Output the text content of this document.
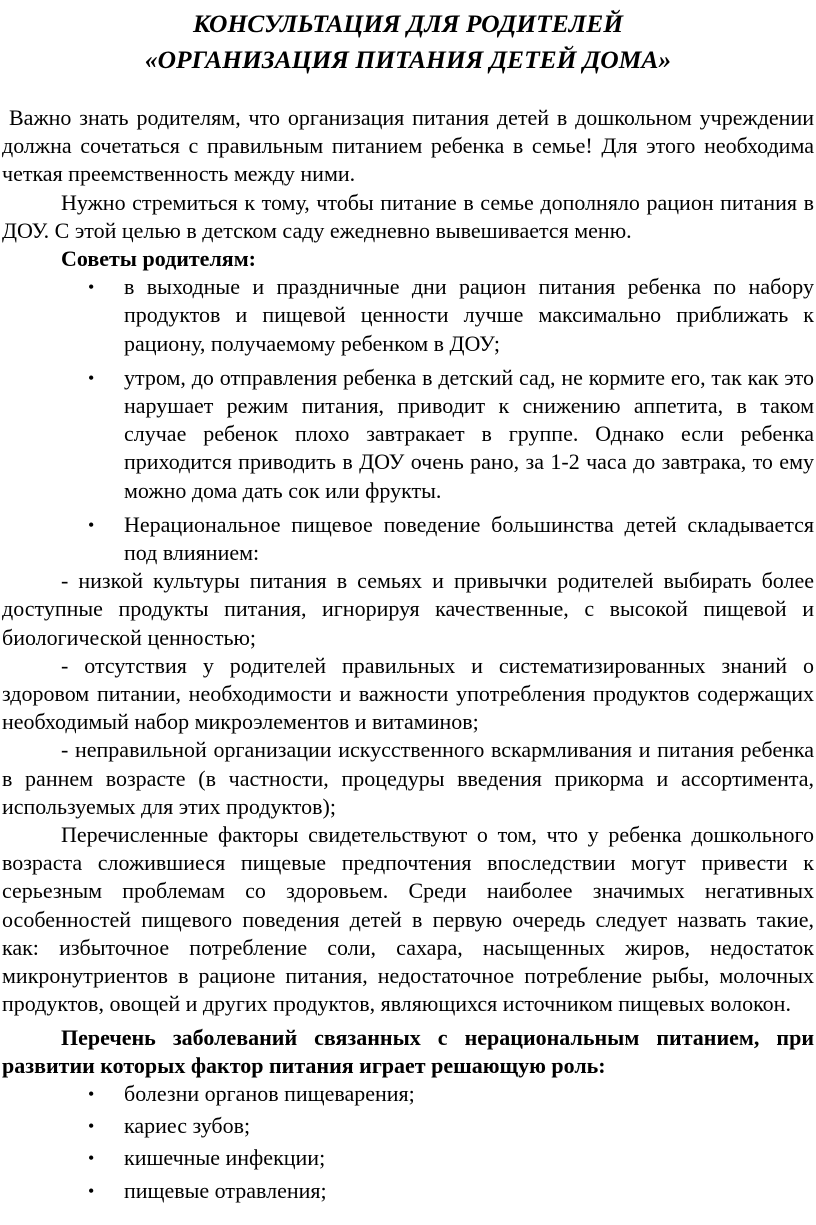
КОНСУЛЬТАЦИЯ ДЛЯ РОДИТЕЛЕЙ
«ОРГАНИЗАЦИЯ ПИТАНИЯ ДЕТЕЙ ДОМА»

Важно знать родителям, что организация питания детей в дошкольном учреждении должна сочетаться с правильным питанием ребенка в семье! Для этого необходима четкая преемственность между ними.

Нужно стремиться к тому, чтобы питание в семье дополняло рацион питания в ДОУ. С этой целью в детском саду ежедневно вывешивается меню.

Советы родителям:

• в выходные и праздничные дни рацион питания ребенка по набору продуктов и пищевой ценности лучше максимально приближать к рациону, получаемому ребенком в ДОУ;
• утром, до отправления ребенка в детский сад, не кормите его, так как это нарушает режим питания, приводит к снижению аппетита, в таком случае ребенок плохо завтракает в группе. Однако если ребенка приходится приводить в ДОУ очень рано, за 1-2 часа до завтрака, то ему можно дома дать сок или фрукты.
• Нерациональное пищевое поведение большинства детей складывается под влиянием:

- низкой культуры питания в семьях и привычки родителей выбирать более доступные продукты питания, игнорируя качественные, с высокой пищевой и биологической ценностью;

- отсутствия у родителей правильных и систематизированных знаний о здоровом питании, необходимости и важности употребления продуктов содержащих необходимый набор микроэлементов и витаминов;

- неправильной организации искусственного вскармливания и питания ребенка в раннем возрасте (в частности, процедуры введения прикорма и ассортимента, используемых для этих продуктов);

Перечисленные факторы свидетельствуют о том, что у ребенка дошкольного возраста сложившиеся пищевые предпочтения впоследствии могут привести к серьезным проблемам со здоровьем. Среди наиболее значимых негативных особенностей пищевого поведения детей в первую очередь следует назвать такие, как: избыточное потребление соли, сахара, насыщенных жиров, недостаток микронутриентов в рационе питания, недостаточное потребление рыбы, молочных продуктов, овощей и других продуктов, являющихся источником пищевых волокон.

Перечень заболеваний связанных с нерациональным питанием, при развитии которых фактор питания играет решающую роль:

• болезни органов пищеварения;
• кариес зубов;
• кишечные инфекции;
• пищевые отравления;
